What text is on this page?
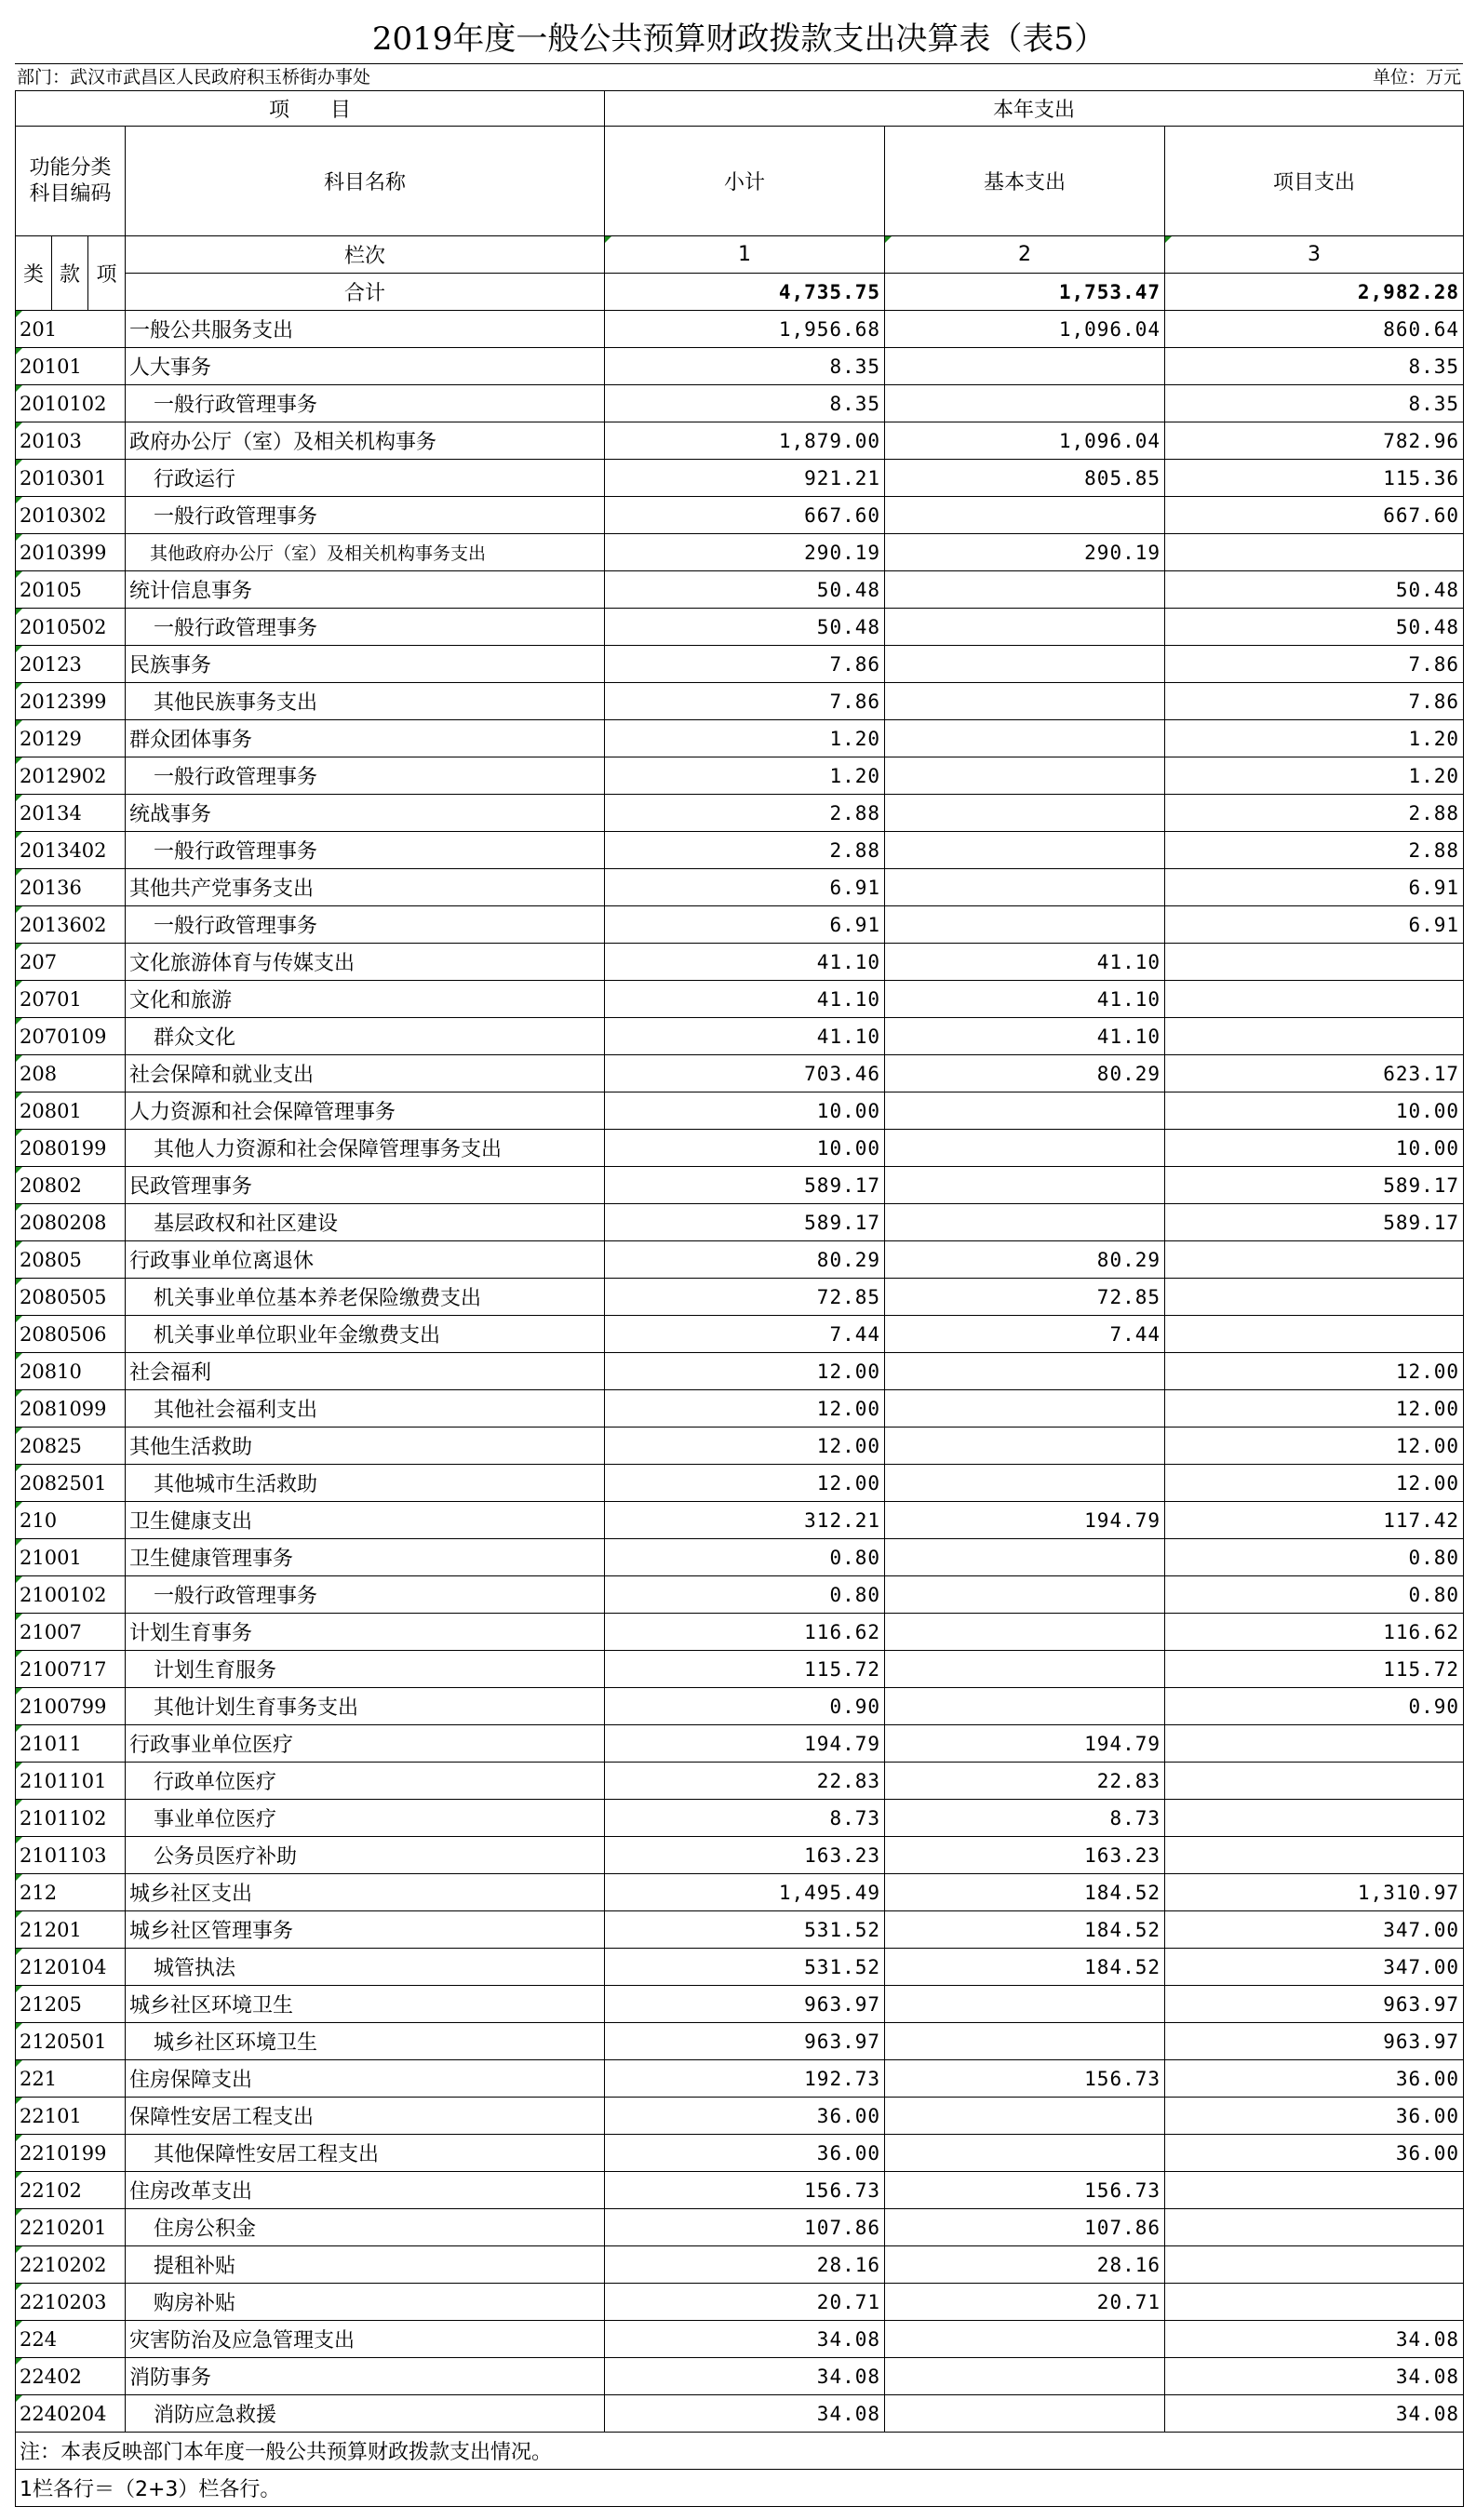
2019年度一般公共预算财政拨款支出决算表（表5）
部门：武汉市武昌区人民政府积玉桥街办事处	单位：万元
项　　目				本年支出		
功能分类科目编码			科目名称	小计	基本支出	项目支出

类	款	项	栏次	1	2	3
			合计	4,735.75	1,753.47	2,982.28
201			一般公共服务支出	1,956.68	1,096.04	860.64
20101			人大事务	8.35		8.35
2010102			一般行政管理事务	8.35		8.35
20103			政府办公厅（室）及相关机构事务	1,879.00	1,096.04	782.96
2010301			行政运行	921.21	805.85	115.36
2010302			一般行政管理事务	667.60		667.60
2010399			其他政府办公厅（室）及相关机构事务支出	290.19	290.19	
20105			统计信息事务	50.48		50.48
2010502			一般行政管理事务	50.48		50.48
20123			民族事务	7.86		7.86
2012399			其他民族事务支出	7.86		7.86
20129			群众团体事务	1.20		1.20
2012902			一般行政管理事务	1.20		1.20
20134			统战事务	2.88		2.88
2013402			一般行政管理事务	2.88		2.88
20136			其他共产党事务支出	6.91		6.91
2013602			一般行政管理事务	6.91		6.91
207			文化旅游体育与传媒支出	41.10	41.10	
20701			文化和旅游	41.10	41.10	
2070109			群众文化	41.10	41.10	
208			社会保障和就业支出	703.46	80.29	623.17
20801			人力资源和社会保障管理事务	10.00		10.00
2080199			其他人力资源和社会保障管理事务支出	10.00		10.00
20802			民政管理事务	589.17		589.17
2080208			基层政权和社区建设	589.17		589.17
20805			行政事业单位离退休	80.29	80.29	
2080505			机关事业单位基本养老保险缴费支出	72.85	72.85	
2080506			机关事业单位职业年金缴费支出	7.44	7.44	
20810			社会福利	12.00		12.00
2081099			其他社会福利支出	12.00		12.00
20825			其他生活救助	12.00		12.00
2082501			其他城市生活救助	12.00		12.00
210			卫生健康支出	312.21	194.79	117.42
21001			卫生健康管理事务	0.80		0.80
2100102			一般行政管理事务	0.80		0.80
21007			计划生育事务	116.62		116.62
2100717			计划生育服务	115.72		115.72
2100799			其他计划生育事务支出	0.90		0.90
21011			行政事业单位医疗	194.79	194.79	
2101101			行政单位医疗	22.83	22.83	
2101102			事业单位医疗	8.73	8.73	
2101103			公务员医疗补助	163.23	163.23	
212			城乡社区支出	1,495.49	184.52	1,310.97
21201			城乡社区管理事务	531.52	184.52	347.00
2120104			城管执法	531.52	184.52	347.00
21205			城乡社区环境卫生	963.97		963.97
2120501			城乡社区环境卫生	963.97		963.97
221			住房保障支出	192.73	156.73	36.00
22101			保障性安居工程支出	36.00		36.00
2210199			其他保障性安居工程支出	36.00		36.00
22102			住房改革支出	156.73	156.73	
2210201			住房公积金	107.86	107.86	
2210202			提租补贴	28.16	28.16	
2210203			购房补贴	20.71	20.71	
224			灾害防治及应急管理支出	34.08		34.08
22402			消防事务	34.08		34.08
2240204			消防应急救援	34.08		34.08
注：本表反映部门本年度一般公共预算财政拨款支出情况。						
1栏各行＝（2+3）栏各行。						
